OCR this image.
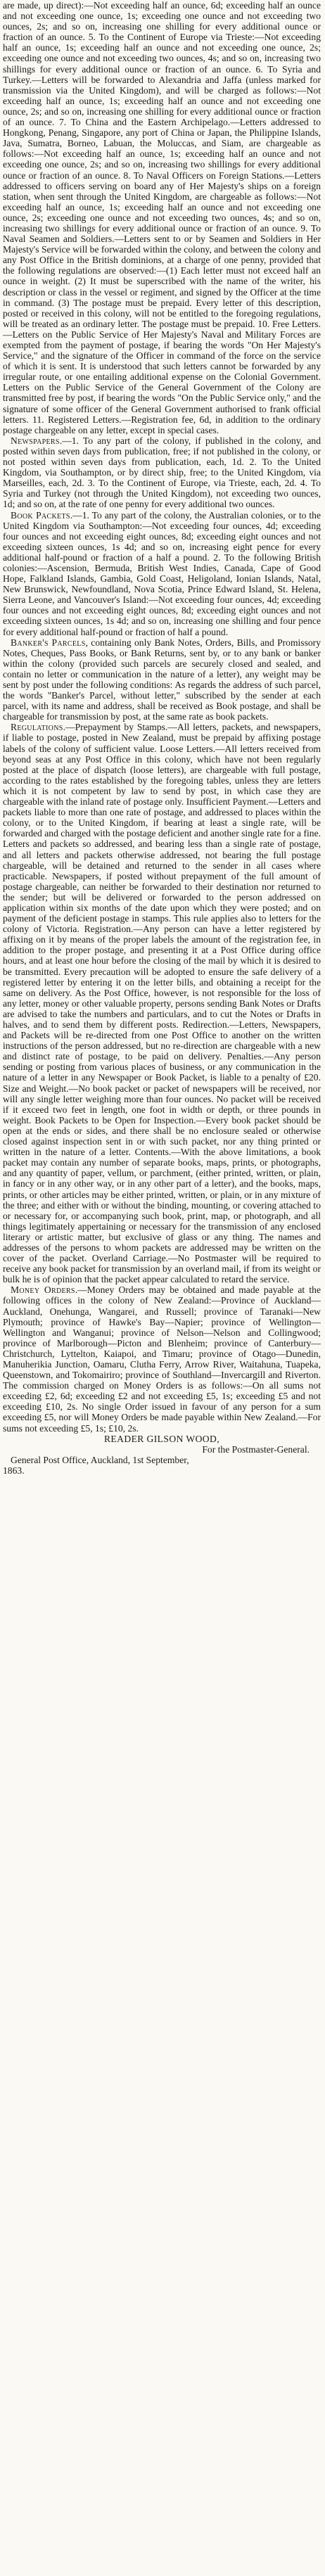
are made, up direct):—Not exceeding half an ounce, 6d; exceeding half an ounce and not exceeding one ounce, 1s; exceeding one ounce and not exceeding two ounces, 2s; and so on, increasing one shilling for every additional ounce or fraction of an ounce. 5. To the Continent of Europe via Trieste:—Not exceeding half an ounce, 1s; exceeding half an ounce and not exceeding one ounce, 2s; exceeding one ounce and not exceeding two ounces, 4s; and so on, increasing two shillings for every additional ounce or fraction of an ounce. 6. To Syria and Turkey.—Letters will be forwarded to Alexandria and Jaffa (unless marked for transmission via the United Kingdom), and will be charged as follows:—Not exceeding half an ounce, 1s; exceeding half an ounce and not exceeding one ounce, 2s; and so on, increasing one shilling for every additional ounce or fraction of an ounce. 7. To China and the Eastern Archipelago.—Letters addressed to Hongkong, Penang, Singapore, any port of China or Japan, the Philippine Islands, Java, Sumatra, Borneo, Labuan, the Moluccas, and Siam, are chargeable as follows:—Not exceeding half an ounce, 1s; exceeding half an ounce and not exceeding one ounce, 2s; and so on, increasing two shillings for every additional ounce or fraction of an ounce. 8. To Naval Officers on Foreign Stations.—Letters addressed to officers serving on board any of Her Majesty's ships on a foreign station, when sent through the United Kingdom, are chargeable as follows:—Not exceeding half an ounce, 1s; exceeding half an ounce and not exceeding one ounce, 2s; exceeding one ounce and not exceeding two ounces, 4s; and so on, increasing two shillings for every additional ounce or fraction of an ounce. 9. To Naval Seamen and Soldiers.—Letters sent to or by Seamen and Soldiers in Her Majesty's Service will be forwarded within the colony, and between the colony and any Post Office in the British dominions, at a charge of one penny, provided that the following regulations are observed:—(1) Each letter must not exceed half an ounce in weight. (2) It must be superscribed with the name of the writer, his description or class in the vessel or regiment, and signed by the Officer at the time in command. (3) The postage must be prepaid. Every letter of this description, posted or received in this colony, will not be entitled to the foregoing regulations, will be treated as an ordinary letter. The postage must be prepaid. 10. Free Letters.—Letters on the Public Service of Her Majesty's Naval and Military Forces are exempted from the payment of postage, if bearing the words "On Her Majesty's Service," and the signature of the Officer in command of the force on the service of which it is sent. It is understood that such letters cannot be forwarded by any irregular route, or one entailing additional expense on the Colonial Government. Letters on the Public Service of the General Government of the Colony are transmitted free by post, if bearing the words "On the Public Service only," and the signature of some officer of the General Government authorised to frank official letters. 11. Registered Letters.—Registration fee, 6d, in addition to the ordinary postage chargeable on any letter, except in special cases.

Newspapers.—1. To any part of the colony, if published in the colony, and posted within seven days from publication, free; if not published in the colony, or not posted within seven days from publication, each, 1d. 2. To the United Kingdom, via Southampton, or by direct ship, free; to the United Kingdom, via Marseilles, each, 2d. 3. To the Continent of Europe, via Trieste, each, 2d. 4. To Syria and Turkey (not through the United Kingdom), not exceeding two ounces, 1d; and so on, at the rate of one penny for every additional two ounces.

Book Packets.—1. To any part of the colony, the Australian colonies, or to the United Kingdom via Southampton:—Not exceeding four ounces, 4d; exceeding four ounces and not exceeding eight ounces, 8d; exceeding eight ounces and not exceeding sixteen ounces, 1s 4d; and so on, increasing eight pence for every additional half-pound or fraction of a half a pound. 2. To the following British colonies:—Ascension, Bermuda, British West Indies, Canada, Cape of Good Hope, Falkland Islands, Gambia, Gold Coast, Heligoland, Ionian Islands, Natal, New Brunswick, Newfoundland, Nova Scotia, Prince Edward Island, St. Helena, Sierra Leone, and Vancouver's Island:—Not exceeding four ounces, 4d; exceeding four ounces and not exceeding eight ounces, 8d; exceeding eight ounces and not exceeding sixteen ounces, 1s 4d; and so on, increasing one shilling and four pence for every additional half-pound or fraction of half a pound.

Banker's Parcels, containing only Bank Notes, Orders, Bills, and Promissory Notes, Cheques, Pass Books, or Bank Returns, sent by, or to any bank or banker within the colony (provided such parcels are securely closed and sealed, and contain no letter or communication in the nature of a letter), any weight may be sent by post under the following conditions: As regards the address of such parcel, the words "Banker's Parcel, without letter," subscribed by the sender at each parcel, with its name and address, shall be received as Book postage, and shall be chargeable for transmission by post, at the same rate as book packets.

Regulations.—Prepayment by Stamps.—All letters, packets, and newspapers, if liable to postage, posted in New Zealand, must be prepaid by affixing postage labels of the colony of sufficient value. Loose Letters.—All letters received from beyond seas at any Post Office in this colony, which have not been regularly posted at the place of dispatch (loose letters), are chargeable with full postage, according to the rates established by the foregoing tables, unless they are letters which it is not competent by law to send by post, in which case they are chargeable with the inland rate of postage only. Insufficient Payment.—Letters and packets liable to more than one rate of postage, and addressed to places within the colony, or to the United Kingdom, if bearing at least a single rate, will be forwarded and charged with the postage deficient and another single rate for a fine. Letters and packets so addressed, and bearing less than a single rate of postage, and all letters and packets otherwise addressed, not bearing the full postage chargeable, will be detained and returned to the sender in all cases where practicable. Newspapers, if posted without prepayment of the full amount of postage chargeable, can neither be forwarded to their destination nor returned to the sender; but will be delivered or forwarded to the person addressed on application within six months of the date upon which they were posted; and on payment of the deficient postage in stamps. This rule applies also to letters for the colony of Victoria. Registration.—Any person can have a letter registered by affixing on it by means of the proper labels the amount of the registration fee, in addition to the proper postage, and presenting it at a Post Office during office hours, and at least one hour before the closing of the mail by which it is desired to be transmitted. Every precaution will be adopted to ensure the safe delivery of a registered letter by entering it on the letter bills, and obtaining a receipt for the same on delivery. As the Post Office, however, is not responsible for the loss of any letter, money or other valuable property, persons sending Bank Notes or Drafts are advised to take the numbers and particulars, and to cut the Notes or Drafts in halves, and to send them by different posts. Redirection.—Letters, Newspapers, and Packets will be re-directed from one Post Office to another on the written instructions of the person addressed, but no re-direction are chargeable with a new and distinct rate of postage, to be paid on delivery. Penalties.—Any person sending or posting from various places of business, or any communication in the nature of a letter in any Newspaper or Book Packet, is liable to a penalty of £20. Size and Weight.—No book packet or packet of newspapers will be received, nor will any single letter weighing more than four ounces. No packet will be received if it exceed two feet in length, one foot in width or depth, or three pounds in weight. Book Packets to be Open for Inspection.—Every book packet should be open at the ends or sides, and there shall be no enclosure sealed or otherwise closed against inspection sent in or with such packet, nor any thing printed or written in the nature of a letter. Contents.—With the above limitations, a book packet may contain any number of separate books, maps, prints, or photographs, and any quantity of paper, vellum, or parchment, (either printed, written, or plain, in fancy or in any other way, or in any other part of a letter), and the books, maps, prints, or other articles may be either printed, written, or plain, or in any mixture of the three; and either with or without the binding, mounting, or covering attached to or necessary for, or accompanying such book, print, map, or photograph, and all things legitimately appertaining or necessary for the transmission of any enclosed literary or artistic matter, but exclusive of glass or any thing. The names and addresses of the persons to whom packets are addressed may be written on the cover of the packet. Overland Carriage.—No Postmaster will be required to receive any book packet for transmission by an overland mail, if from its weight or bulk he is of opinion that the packet appear calculated to retard the service.

Money Orders.—Money Orders may be obtained and made payable at the following offices in the colony of New Zealand:—Province of Auckland—Auckland, Onehunga, Wangarei, and Russell; province of Taranaki—New Plymouth; province of Hawke's Bay—Napier; province of Wellington—Wellington and Wanganui; province of Nelson—Nelson and Collingwood; province of Marlborough—Picton and Blenheim; province of Canterbury—Christchurch, Lyttelton, Kaiapoi, and Timaru; province of Otago—Dunedin, Manuherikia Junction, Oamaru, Clutha Ferry, Arrow River, Waitahuna, Tuapeka, Queenstown, and Tokomairiro; province of Southland—Invercargill and Riverton. The commission charged on Money Orders is as follows:—On all sums not exceeding £2, 6d; exceeding £2 and not exceeding £5, 1s; exceeding £5 and not exceeding £10, 2s. No single Order issued in favour of any person for a sum exceeding £5, nor will Money Orders be made payable within New Zealand.—For sums not exceeding £5, 1s; £10, 2s.

READER GILSON WOOD,

For the Postmaster-General.

General Post Office, Auckland, 1st September,

1863.
